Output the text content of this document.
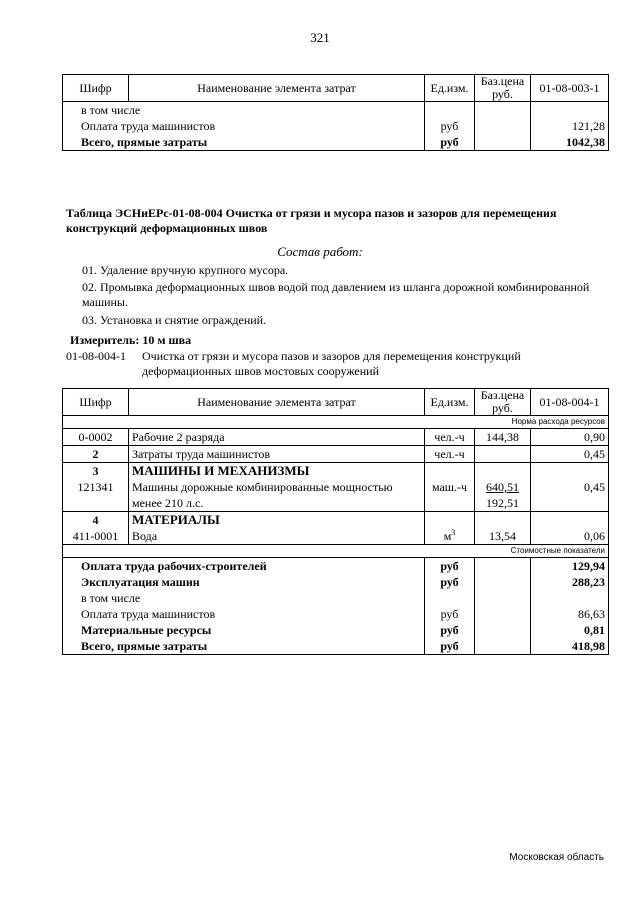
321
Шифр	Наименование элемента затрат	Ед.изм.	Баз.цена руб.	01-08-003-1
в том числе				
Оплата труда машинистов		руб		121,28
Всего, прямые затраты		руб		1042,38
Таблица ЭСНиЕРс-01-08-004 Очистка от грязи и мусора пазов и зазоров для перемещения конструкций деформационных швов
Состав работ:
01. Удаление вручную крупного мусора.
02. Промывка деформационных швов водой под давлением из шланга дорожной комбинированной машины.
03. Установка и снятие ограждений.
Измеритель: 10 м шва
01-08-004-1 Очистка от грязи и мусора пазов и зазоров для перемещения конструкций деформационных швов мостовых сооружений
Шифр	Наименование элемента затрат	Ед.изм.	Баз.цена руб.	01-08-004-1
Норма расхода ресурсов				
0-0002	Рабочие 2 разряда	чел.-ч	144,38	0,90
2	Затраты труда машинистов	чел.-ч		0,45
3	МАШИНЫ И МЕХАНИЗМЫ			
121341	Машины дорожные комбинированные мощностью	маш.-ч	640,51	0,45
	менее 210 л.с.		192,51	
4	МАТЕРИАЛЫ			
411-0001	Вода	$м^3$	13,54	0,06
Стоимостные показатели				
Оплата труда рабочих-строителей		руб		129,94
Эксплуатация машин		руб		288,23
в том числе				
Оплата труда машинистов		руб		86,63
Материальные ресурсы		руб		0,81
Всего, прямые затраты		руб		418,98
Московская область
